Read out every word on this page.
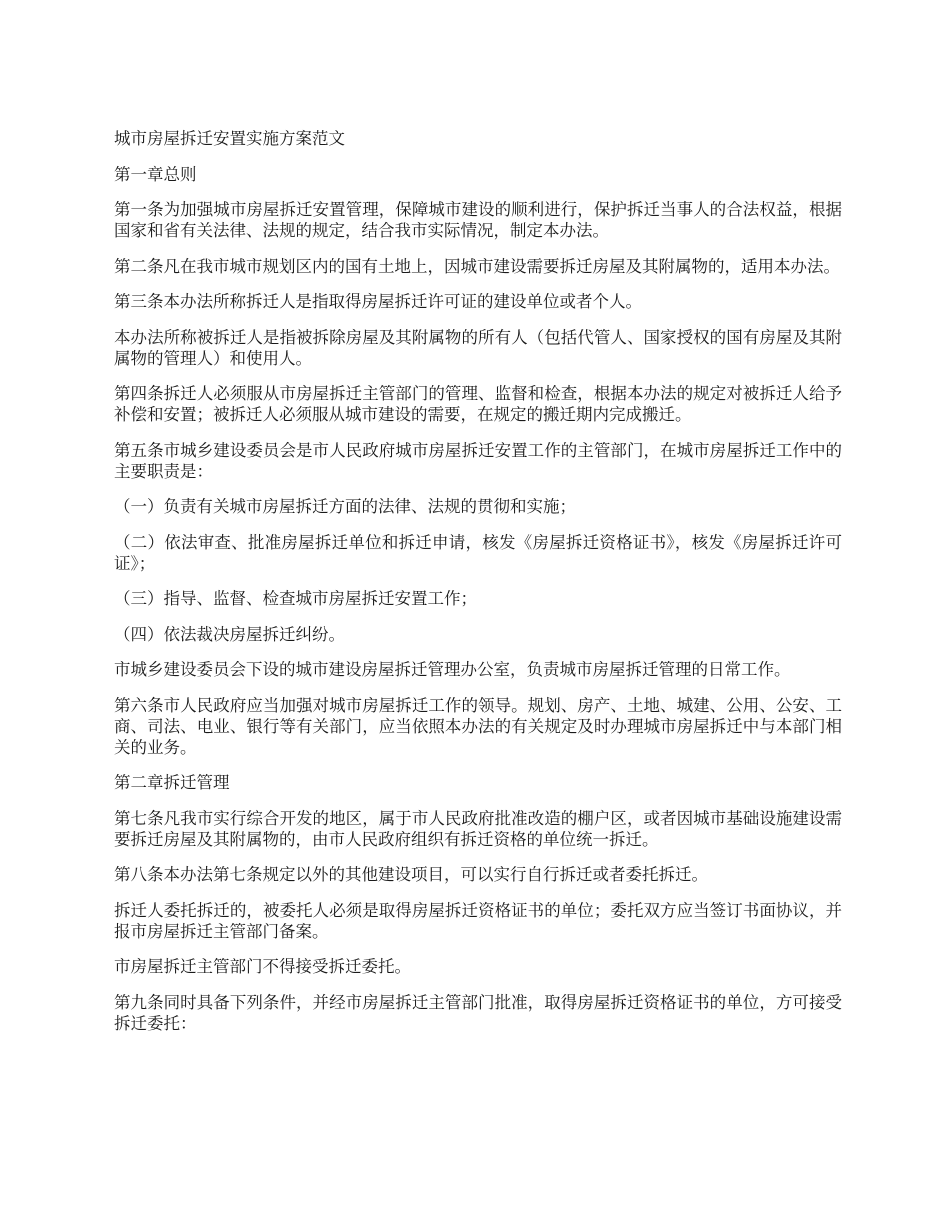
城市房屋拆迁安置实施方案范文

第一章总则

第一条为加强城市房屋拆迁安置管理，保障城市建设的顺利进行，保护拆迁当事人的合法权益，根据国家和省有关法律、法规的规定，结合我市实际情况，制定本办法。

第二条凡在我市城市规划区内的国有土地上，因城市建设需要拆迁房屋及其附属物的，适用本办法。

第三条本办法所称拆迁人是指取得房屋拆迁许可证的建设单位或者个人。

本办法所称被拆迁人是指被拆除房屋及其附属物的所有人（包括代管人、国家授权的国有房屋及其附属物的管理人）和使用人。

第四条拆迁人必须服从市房屋拆迁主管部门的管理、监督和检查，根据本办法的规定对被拆迁人给予补偿和安置；被拆迁人必须服从城市建设的需要，在规定的搬迁期内完成搬迁。

第五条市城乡建设委员会是市人民政府城市房屋拆迁安置工作的主管部门，在城市房屋拆迁工作中的主要职责是：

（一）负责有关城市房屋拆迁方面的法律、法规的贯彻和实施；

（二）依法审查、批准房屋拆迁单位和拆迁申请，核发《房屋拆迁资格证书》，核发《房屋拆迁许可证》；

（三）指导、监督、检查城市房屋拆迁安置工作；

（四）依法裁决房屋拆迁纠纷。

市城乡建设委员会下设的城市建设房屋拆迁管理办公室，负责城市房屋拆迁管理的日常工作。

第六条市人民政府应当加强对城市房屋拆迁工作的领导。规划、房产、土地、城建、公用、公安、工商、司法、电业、银行等有关部门，应当依照本办法的有关规定及时办理城市房屋拆迁中与本部门相关的业务。

第二章拆迁管理

第七条凡我市实行综合开发的地区，属于市人民政府批准改造的棚户区，或者因城市基础设施建设需要拆迁房屋及其附属物的，由市人民政府组织有拆迁资格的单位统一拆迁。

第八条本办法第七条规定以外的其他建设项目，可以实行自行拆迁或者委托拆迁。

拆迁人委托拆迁的，被委托人必须是取得房屋拆迁资格证书的单位；委托双方应当签订书面协议，并报市房屋拆迁主管部门备案。

市房屋拆迁主管部门不得接受拆迁委托。

第九条同时具备下列条件，并经市房屋拆迁主管部门批准，取得房屋拆迁资格证书的单位，方可接受拆迁委托：
